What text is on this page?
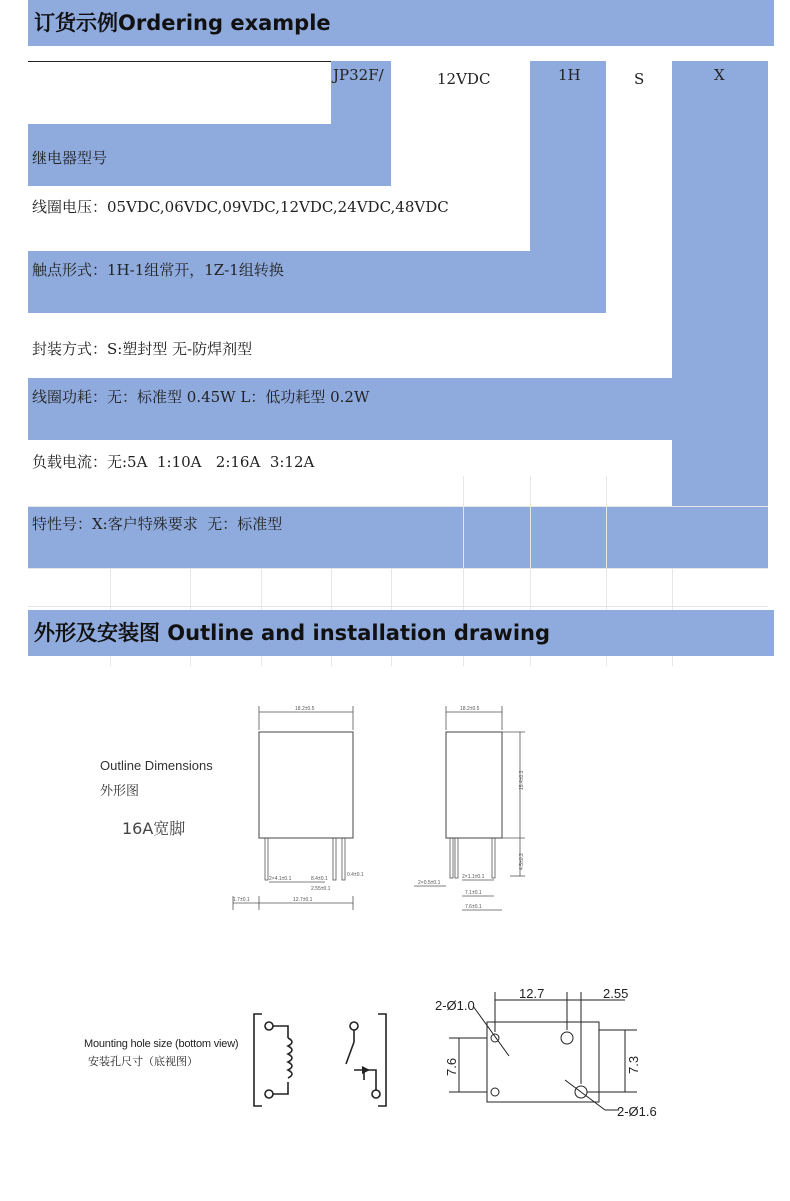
订货示例Ordering example
JP32F/	12VDC	1H	S	X
继电器型号
线圈电压：05VDC,06VDC,09VDC,12VDC,24VDC,48VDC
触点形式：1H-1组常开，1Z-1组转换
封装方式：S:塑封型 无-防焊剂型
线圈功耗：无：标准型 0.45W L：低功耗型 0.2W
负载电流：无:5A  1:10A   2:16A  3:12A
特性号：X:客户特殊要求  无：标准型
外形及安装图 Outline and installation drawing
Outline Dimensions
外形图
16A宽脚
18.2±0.5
2×4.1±0.1	8.4±0.1
0.4±0.1
2.55±0.1
1.7±0.1	12.7±0.1
18.2±0.5
15.4±0.3
4.5±0.3
2×0.5±0.1
2×1.1±0.1
7.1±0.1
7.6±0.1
Mounting hole size (bottom view)
安装孔尺寸（底视图）
2-Ø1.0
12.7	2.55
7.6	7.3
2-Ø1.6
